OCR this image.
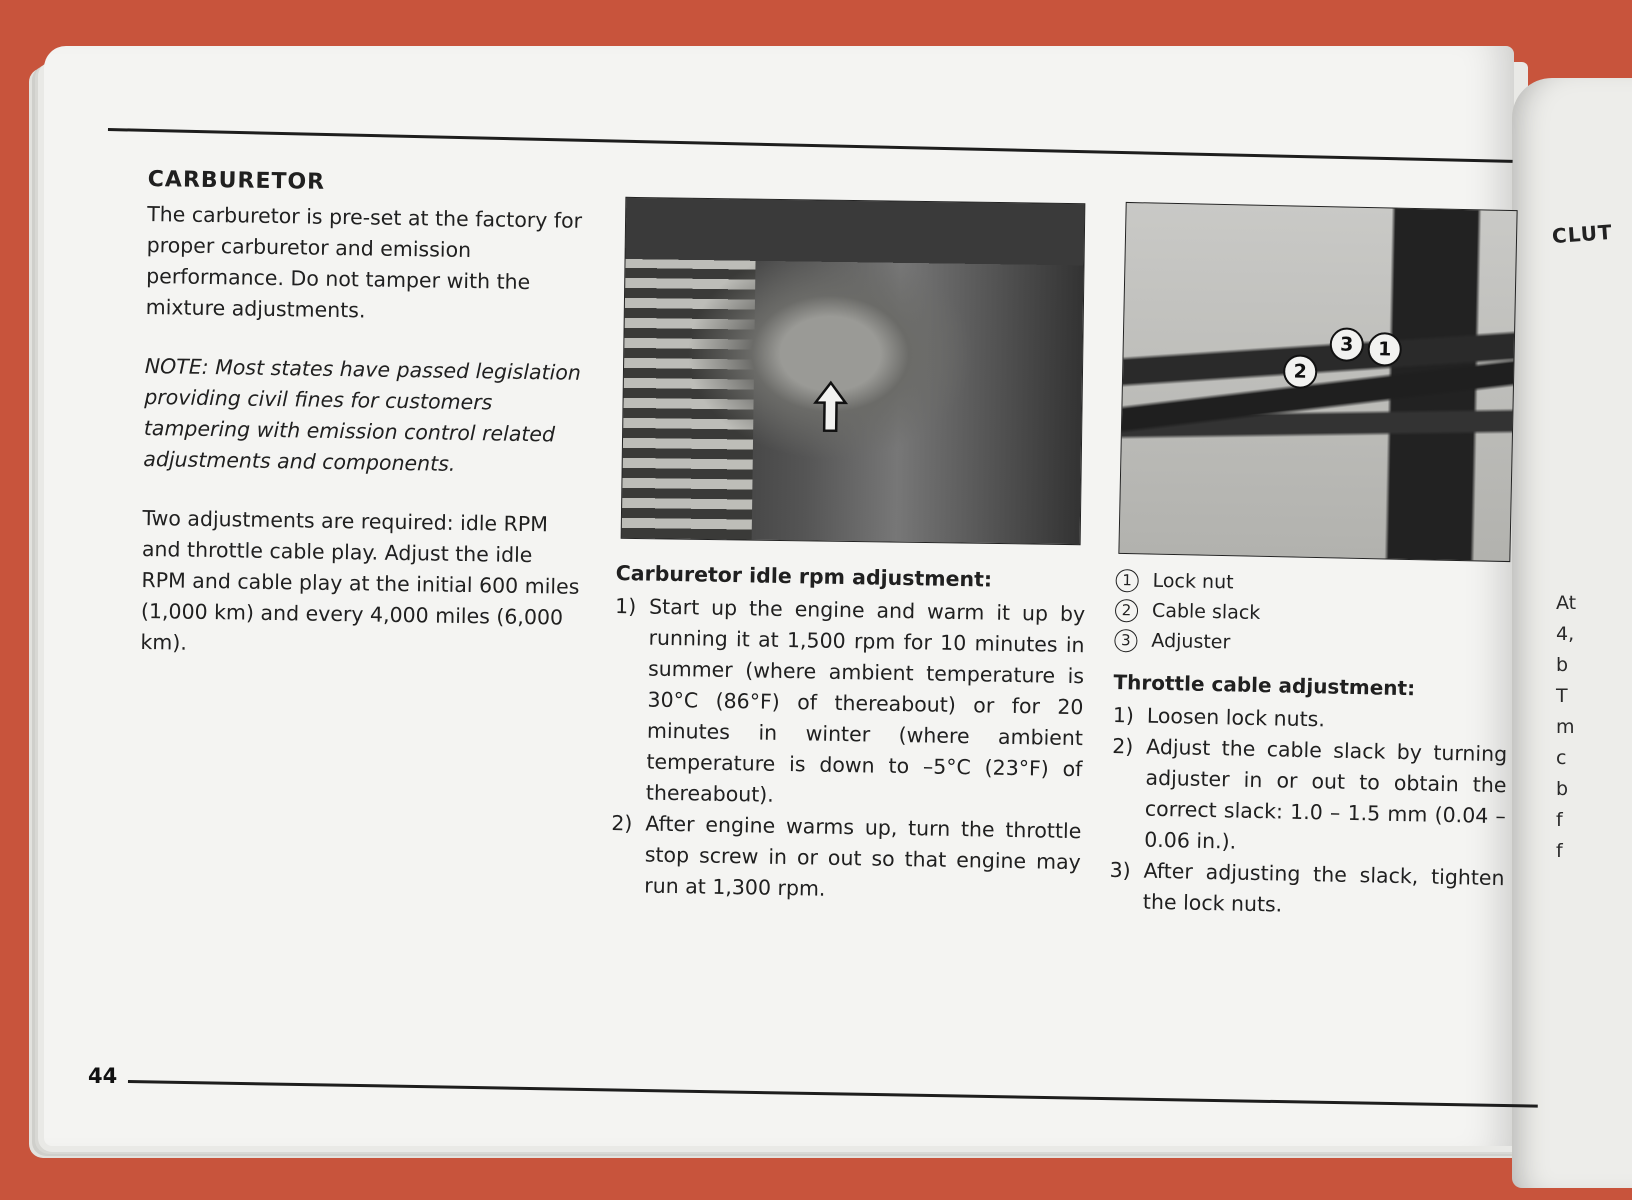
CLUT
At
4,
b
T
m
c
b
f
f

CARBURETOR

The carburetor is pre-set at the factory for proper carburetor and emission performance. Do not tamper with the mixture adjustments.

NOTE: Most states have passed legislation providing civil fines for customers tampering with emission control related adjustments and components.

Two adjustments are required: idle RPM and throttle cable play. Adjust the idle RPM and cable play at the initial 600 miles (1,000 km) and every 4,000 miles (6,000 km).

2
3	1

Carburetor idle rpm adjustment:

1) Start up the engine and warm it up by running it at 1,500 rpm for 10 minutes in summer (where ambient temperature is 30°C (86°F) of thereabout) or for 20 minutes in winter (where ambient temperature is down to –5°C (23°F) of thereabout).
2) After engine warms up, turn the throttle stop screw in or out so that engine may run at 1,300 rpm.
1	Lock nut
2	Cable slack
3	Adjuster

Throttle cable adjustment:

1) Loosen lock nuts.
2) Adjust the cable slack by turning adjuster in or out to obtain the correct slack: 1.0 – 1.5 mm (0.04 – 0.06 in.).
3) After adjusting the slack, tighten the lock nuts.
44
